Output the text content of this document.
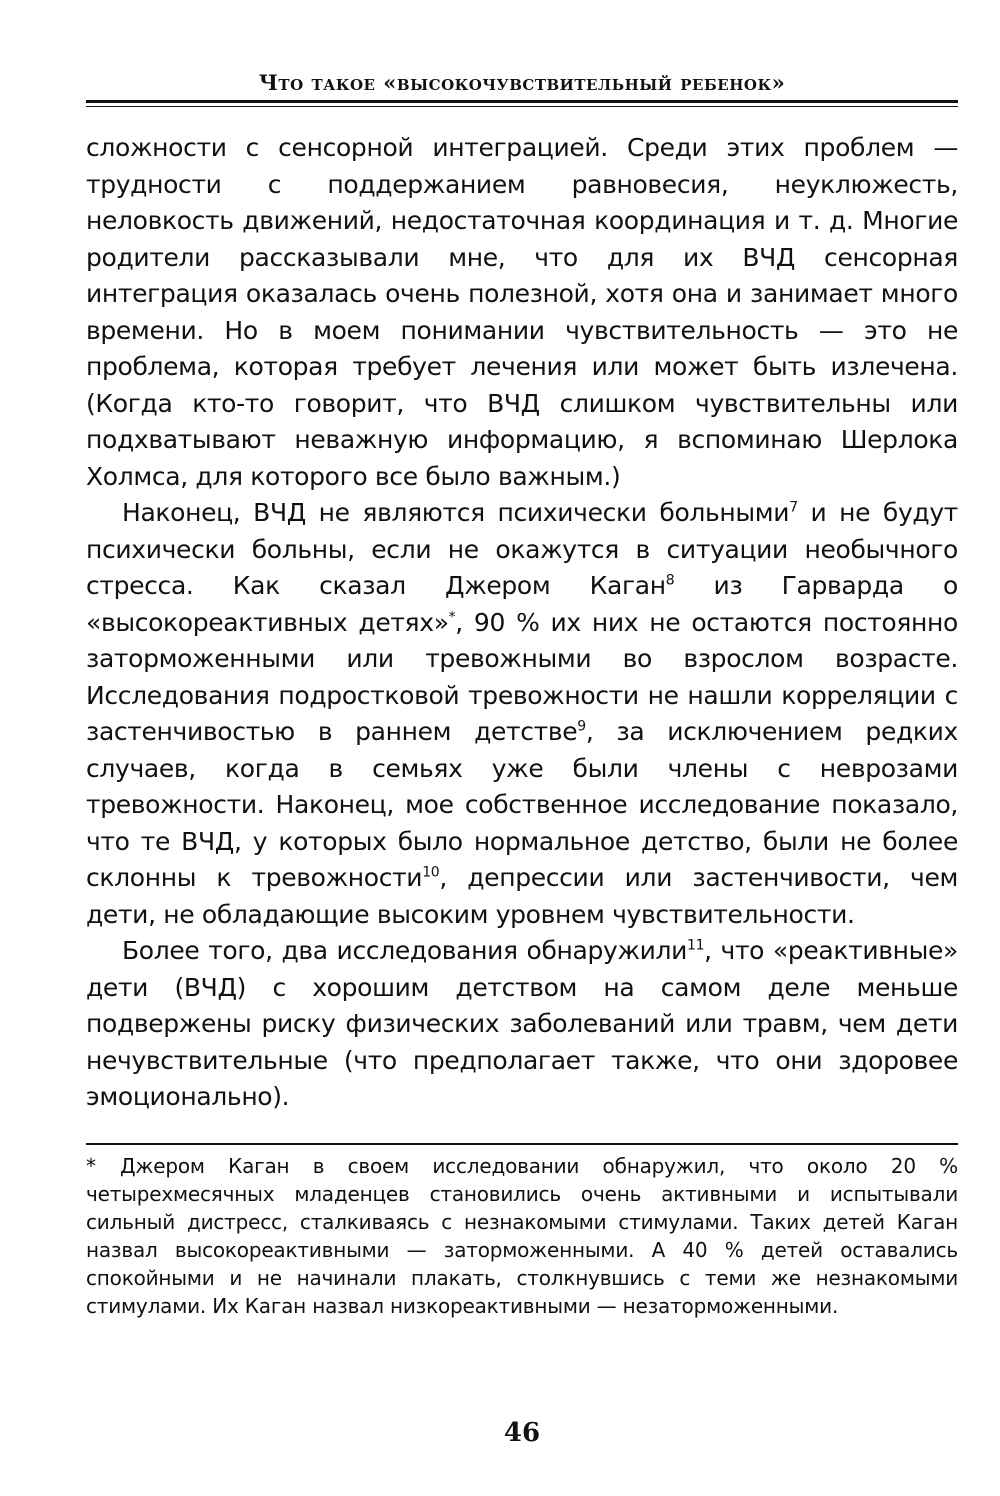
Что такое «высокочувствительный ребенок»

сложности с сенсорной интеграцией. Среди этих проблем — трудности с поддержанием равновесия, неуклюжесть, неловкость движений, недостаточная координация и т. д. Многие родители рассказывали мне, что для их ВЧД сенсорная интеграция оказалась очень полезной, хотя она и занимает много времени. Но в моем понимании чувствительность — это не проблема, которая требует лечения или может быть излечена. (Когда кто-то говорит, что ВЧД слишком чувствительны или подхватывают неважную информацию, я вспоминаю Шерлока Холмса, для которого все было важным.)

Наконец, ВЧД не являются психически больными$^7$ и не будут психически больны, если не окажутся в ситуации необычного стресса. Как сказал Джером Каган$^8$ из Гарварда о «высокореактивных детях»*, 90 % их них не остаются постоянно заторможенными или тревожными во взрослом возрасте. Исследования подростковой тревожности не нашли корреляции с застенчивостью в раннем детстве$^9$, за исключением редких случаев, когда в семьях уже были члены с неврозами тревожности. Наконец, мое собственное исследование показало, что те ВЧД, у которых было нормальное детство, были не более склонны к тревожности$^{10}$, депрессии или застенчивости, чем дети, не обладающие высоким уровнем чувствительности.

Более того, два исследования обнаружили$^{11}$, что «реактивные» дети (ВЧД) с хорошим детством на самом деле меньше подвержены риску физических заболеваний или травм, чем дети нечувствительные (что предполагает также, что они здоровее эмоционально).

* Джером Каган в своем исследовании обнаружил, что около 20 % четырехмесячных младенцев становились очень активными и испытывали сильный дистресс, сталкиваясь с незнакомыми стимулами. Таких детей Каган назвал высокореактивными — заторможенными. А 40 % детей оставались спокойными и не начинали плакать, столкнувшись с теми же незнакомыми стимулами. Их Каган назвал низкореактивными — незаторможенными.
46
